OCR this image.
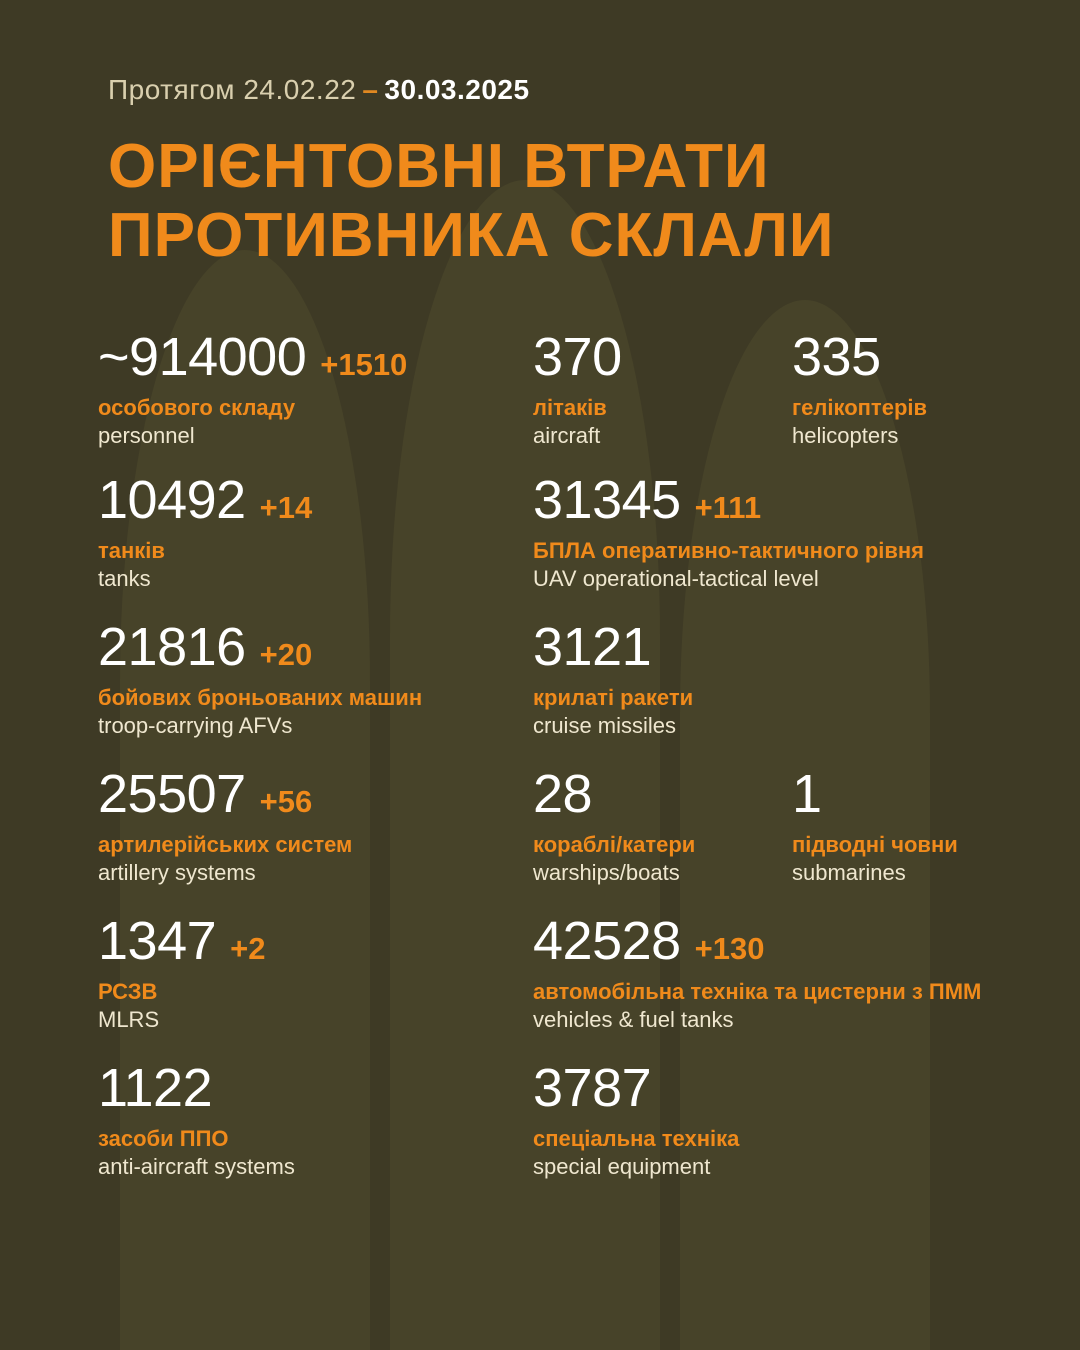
Протягом 24.02.22 – 30.03.2025
ОРІЄНТОВНІ ВТРАТИ ПРОТИВНИКА СКЛАЛИ
~914000 +1510
особового складу
personnel
10492 +14
танків
tanks
21816 +20
бойових броньованих машин
troop-carrying AFVs
25507 +56
артилерійських систем
artillery systems
1347 +2
РСЗВ
MLRS
1122
засоби ППО
anti-aircraft systems
370
літаків
aircraft
31345 +111
БПЛА оперативно-тактичного рівня
UAV operational-tactical level
3121
крилаті ракети
cruise missiles
28
кораблі/катери
warships/boats
42528 +130
автомобільна техніка та цистерни з ПММ
vehicles & fuel tanks
3787
спеціальна техніка
special equipment
335
гелікоптерів
helicopters
1
підводні човни
submarines
